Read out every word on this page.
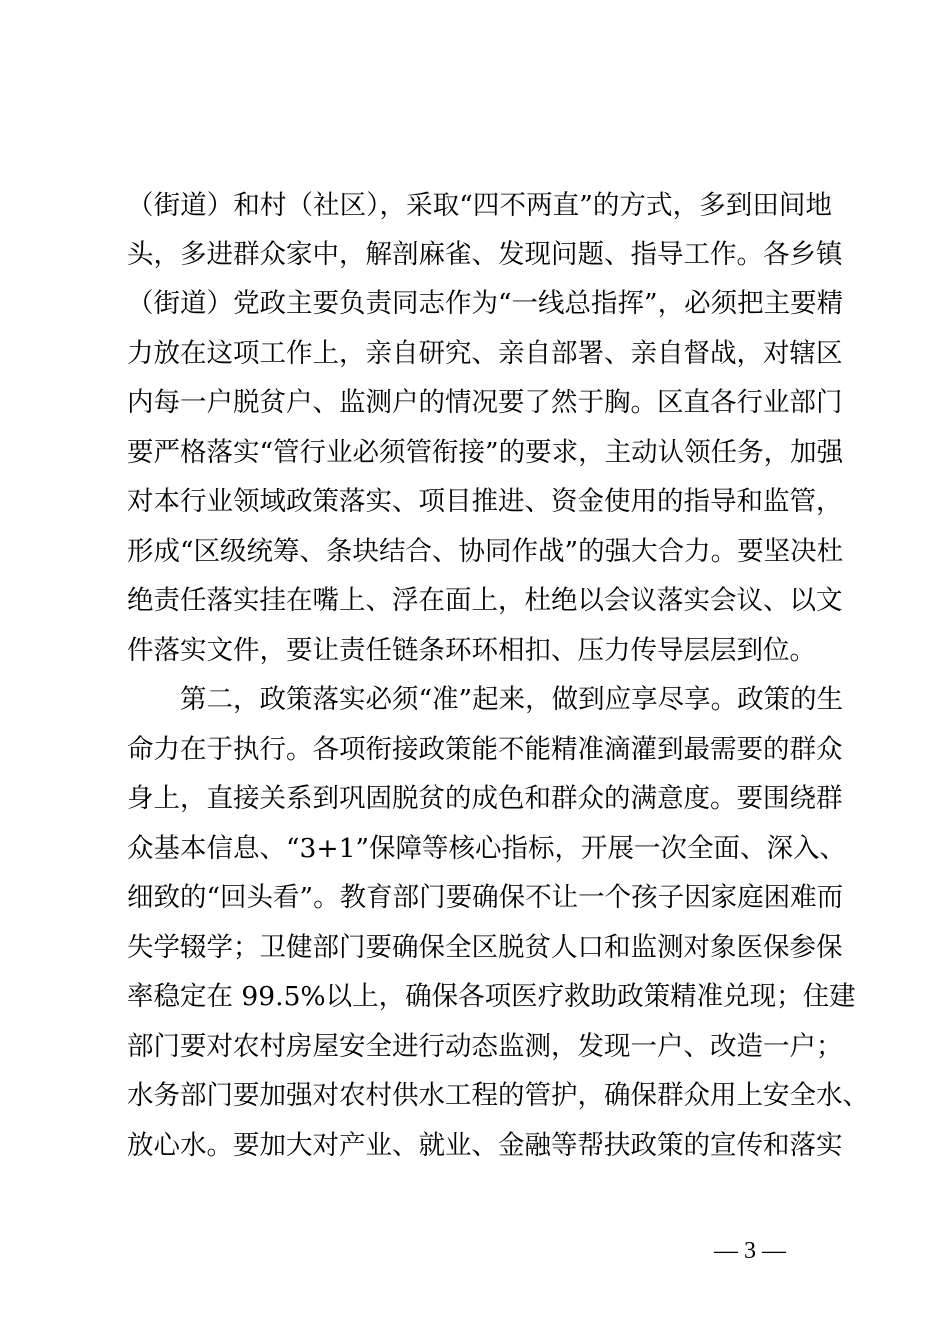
（街道）和村（社区），采取“四不两直”的方式，多到田间地
头，多进群众家中，解剖麻雀、发现问题、指导工作。各乡镇
（街道）党政主要负责同志作为“一线总指挥”，必须把主要精
力放在这项工作上，亲自研究、亲自部署、亲自督战，对辖区
内每一户脱贫户、监测户的情况要了然于胸。区直各行业部门
要严格落实“管行业必须管衔接”的要求，主动认领任务，加强
对本行业领域政策落实、项目推进、资金使用的指导和监管，
形成“区级统筹、条块结合、协同作战”的强大合力。要坚决杜
绝责任落实挂在嘴上、浮在面上，杜绝以会议落实会议、以文
件落实文件，要让责任链条环环相扣、压力传导层层到位。
第二，政策落实必须“准”起来，做到应享尽享。政策的生
命力在于执行。各项衔接政策能不能精准滴灌到最需要的群众
身上，直接关系到巩固脱贫的成色和群众的满意度。要围绕群
众基本信息、“3+1”保障等核心指标，开展一次全面、深入、
细致的“回头看”。教育部门要确保不让一个孩子因家庭困难而
失学辍学；卫健部门要确保全区脱贫人口和监测对象医保参保
率稳定在 99.5%以上，确保各项医疗救助政策精准兑现；住建
部门要对农村房屋安全进行动态监测，发现一户、改造一户；
水务部门要加强对农村供水工程的管护，确保群众用上安全水、
放心水。要加大对产业、就业、金融等帮扶政策的宣传和落实
— 3 —
